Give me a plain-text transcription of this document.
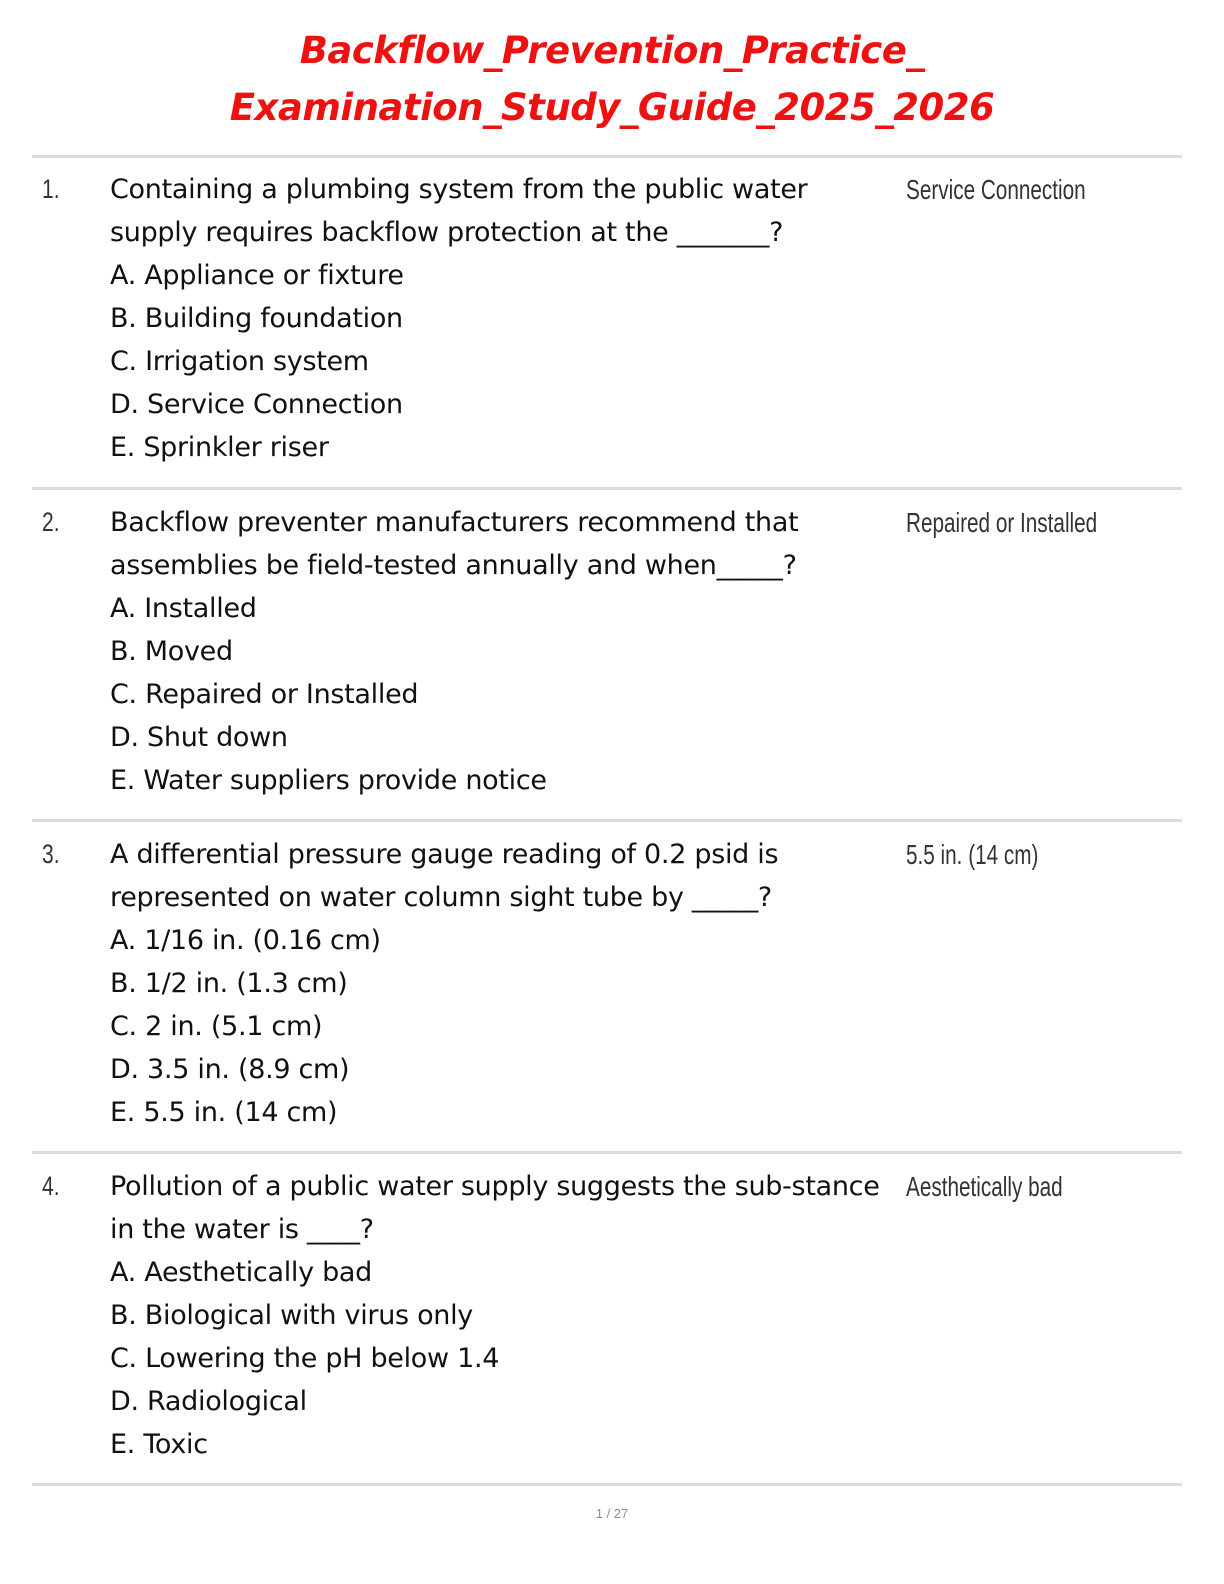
Backflow_Prevention_Practice_
Examination_Study_Guide_2025_2026
1. Containing a plumbing system from the public water supply requires backflow protection at the _______?
A. Appliance or fixture
B. Building foundation
C. Irrigation system
D. Service Connection
E. Sprinkler riser
Service Connection
2. Backflow preventer manufacturers recommend that assemblies be field-tested annually and when_____?
A. Installed
B. Moved
C. Repaired or Installed
D. Shut down
E. Water suppliers provide notice
Repaired or Installed
3. A differential pressure gauge reading of 0.2 psid is represented on water column sight tube by _____?
A. 1/16 in. (0.16 cm)
B. 1/2 in. (1.3 cm)
C. 2 in. (5.1 cm)
D. 3.5 in. (8.9 cm)
E. 5.5 in. (14 cm)
5.5 in. (14 cm)
4. Pollution of a public water supply suggests the sub-stance in the water is ____?
A. Aesthetically bad
B. Biological with virus only
C. Lowering the pH below 1.4
D. Radiological
E. Toxic
Aesthetically bad
1 / 27
